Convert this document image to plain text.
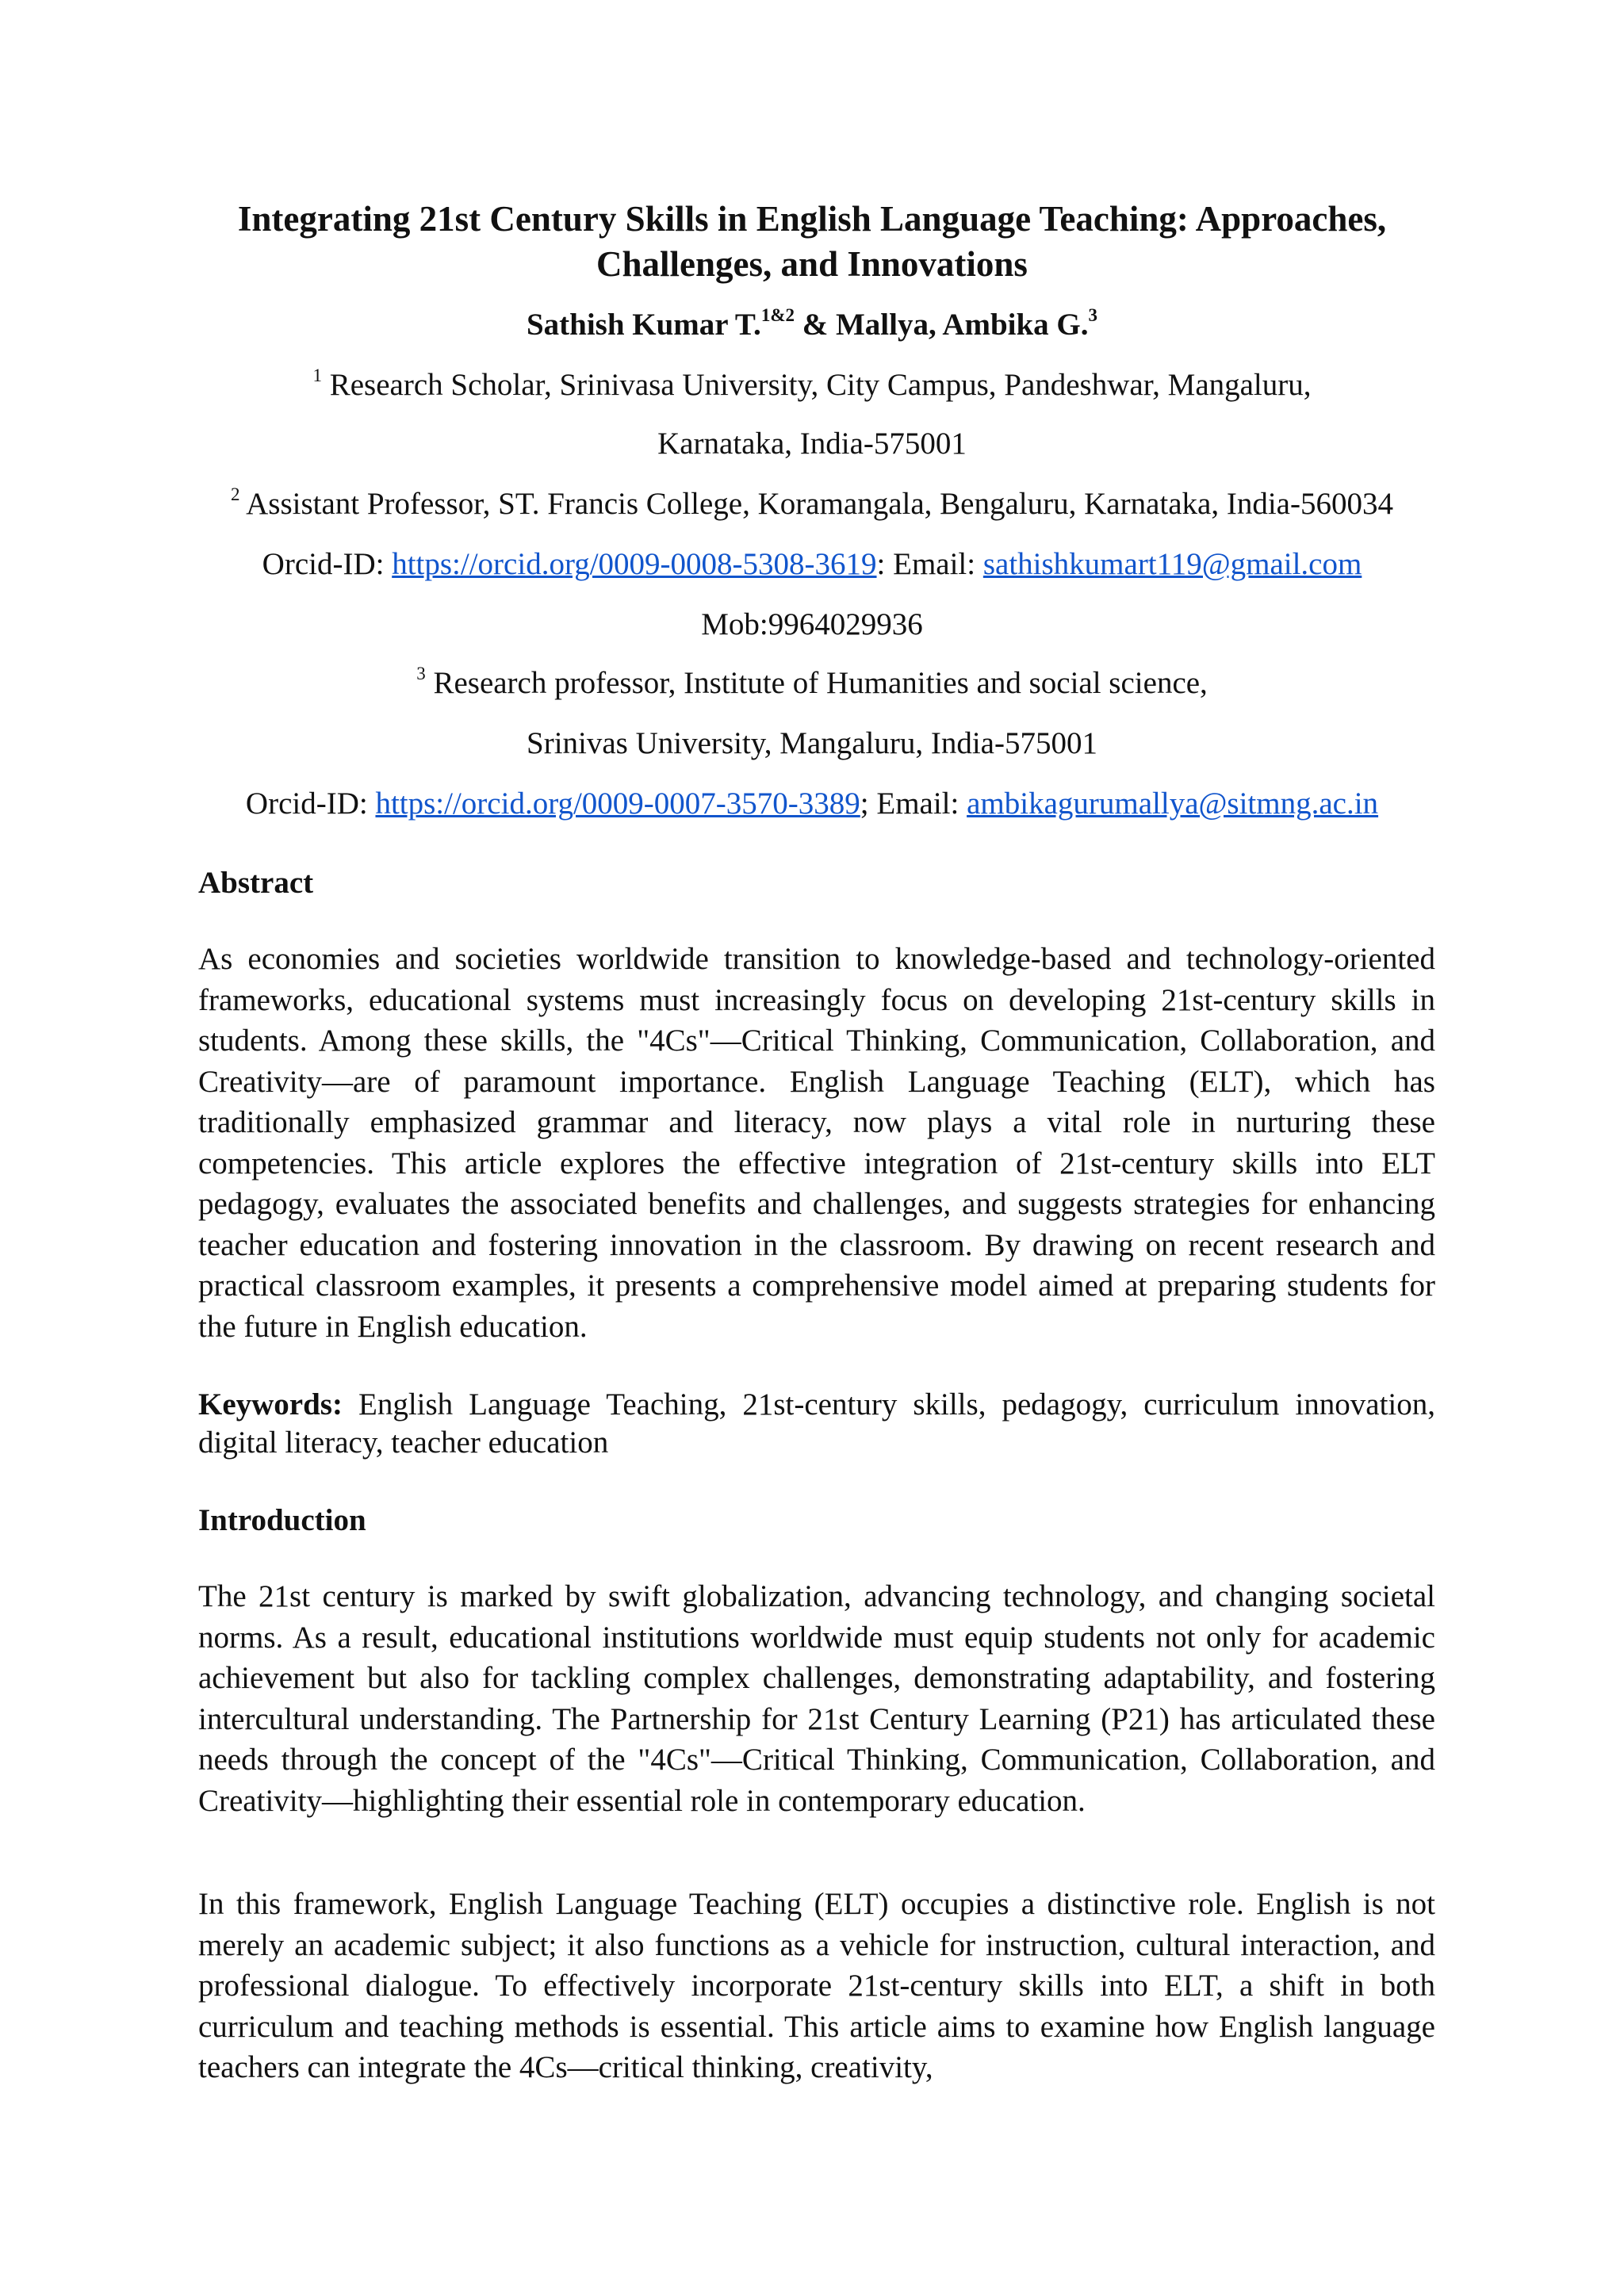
Integrating 21st Century Skills in English Language Teaching: Approaches, Challenges, and Innovations

Sathish Kumar T.$^{1\&2}$ & Mallya, Ambika G.$^3$

$^1$ Research Scholar, Srinivasa University, City Campus, Pandeshwar, Mangaluru,

Karnataka, India-575001

$^2$ Assistant Professor, ST. Francis College, Koramangala, Bengaluru, Karnataka, India-560034

Orcid-ID: https://orcid.org/0009-0008-5308-3619: Email: sathishkumart119@gmail.com

Mob:9964029936

$^3$ Research professor, Institute of Humanities and social science,

Srinivas University, Mangaluru, India-575001

Orcid-ID: https://orcid.org/0009-0007-3570-3389; Email: ambikagurumallya@sitmng.ac.in

Abstract

As economies and societies worldwide transition to knowledge-based and technology-oriented frameworks, educational systems must increasingly focus on developing 21st-century skills in students. Among these skills, the "4Cs"—Critical Thinking, Communication, Collaboration, and Creativity—are of paramount importance. English Language Teaching (ELT), which has traditionally emphasized grammar and literacy, now plays a vital role in nurturing these competencies. This article explores the effective integration of 21st-century skills into ELT pedagogy, evaluates the associated benefits and challenges, and suggests strategies for enhancing teacher education and fostering innovation in the classroom. By drawing on recent research and practical classroom examples, it presents a comprehensive model aimed at preparing students for the future in English education.

Keywords: English Language Teaching, 21st-century skills, pedagogy, curriculum innovation, digital literacy, teacher education

Introduction

The 21st century is marked by swift globalization, advancing technology, and changing societal norms. As a result, educational institutions worldwide must equip students not only for academic achievement but also for tackling complex challenges, demonstrating adaptability, and fostering intercultural understanding. The Partnership for 21st Century Learning (P21) has articulated these needs through the concept of the "4Cs"—Critical Thinking, Communication, Collaboration, and Creativity—highlighting their essential role in contemporary education.

In this framework, English Language Teaching (ELT) occupies a distinctive role. English is not merely an academic subject; it also functions as a vehicle for instruction, cultural interaction, and professional dialogue. To effectively incorporate 21st-century skills into ELT, a shift in both curriculum and teaching methods is essential. This article aims to examine how English language teachers can integrate the 4Cs—critical thinking, creativity,
